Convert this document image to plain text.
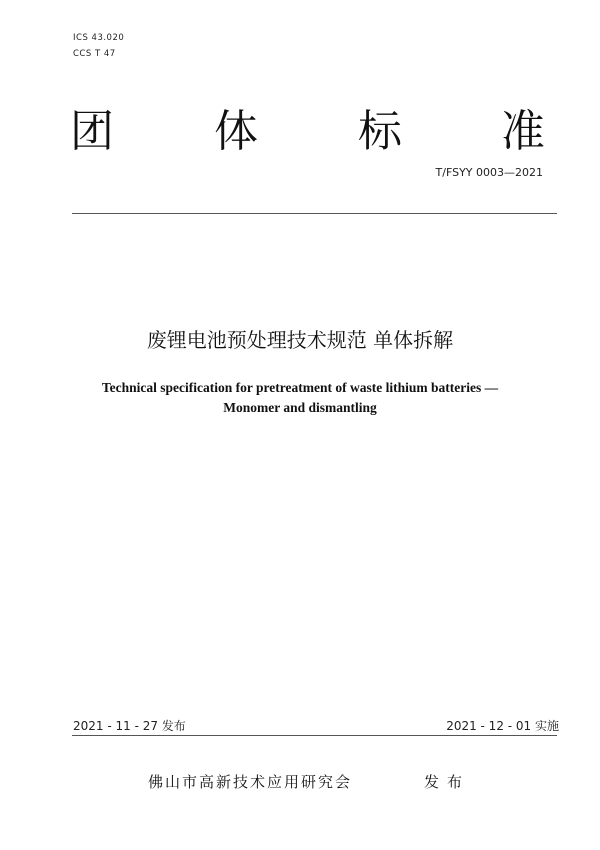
ICS 43.020
CCS T 47
团 体 标 准
T/FSYY 0003—2021
废锂电池预处理技术规范 单体拆解
Technical specification for pretreatment of waste lithium batteries —
Monomer and dismantling
2021 - 11 - 27 发布	2021 - 12 - 01 实施
佛山市高新技术应用研究会	发布
